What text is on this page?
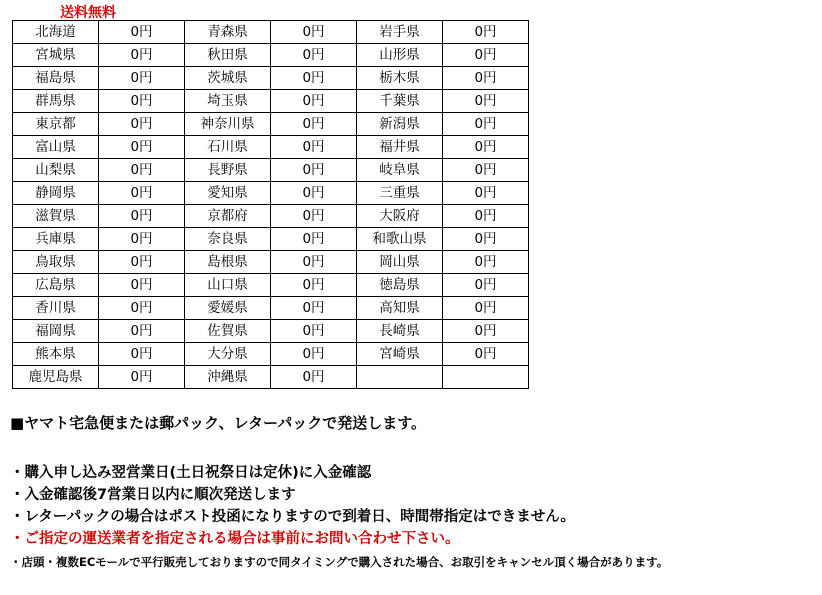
送料無料
北海道	0円	青森県	0円	岩手県	0円
宮城県	0円	秋田県	0円	山形県	0円
福島県	0円	茨城県	0円	栃木県	0円
群馬県	0円	埼玉県	0円	千葉県	0円
東京都	0円	神奈川県	0円	新潟県	0円
富山県	0円	石川県	0円	福井県	0円
山梨県	0円	長野県	0円	岐阜県	0円
静岡県	0円	愛知県	0円	三重県	0円
滋賀県	0円	京都府	0円	大阪府	0円
兵庫県	0円	奈良県	0円	和歌山県	0円
鳥取県	0円	島根県	0円	岡山県	0円
広島県	0円	山口県	0円	徳島県	0円
香川県	0円	愛媛県	0円	高知県	0円
福岡県	0円	佐賀県	0円	長崎県	0円
熊本県	0円	大分県	0円	宮崎県	0円
鹿児島県	0円	沖縄県	0円		
■ヤマト宅急便または郵パック、レターパックで発送します。
・購入申し込み翌営業日(土日祝祭日は定休)に入金確認
・入金確認後7営業日以内に順次発送します
・レターパックの場合はポスト投函になりますので到着日、時間帯指定はできません。
・ご指定の運送業者を指定される場合は事前にお問い合わせ下さい。
・店頭・複数ECモールで平行販売しておりますので同タイミングで購入された場合、お取引をキャンセル頂く場合があります。
